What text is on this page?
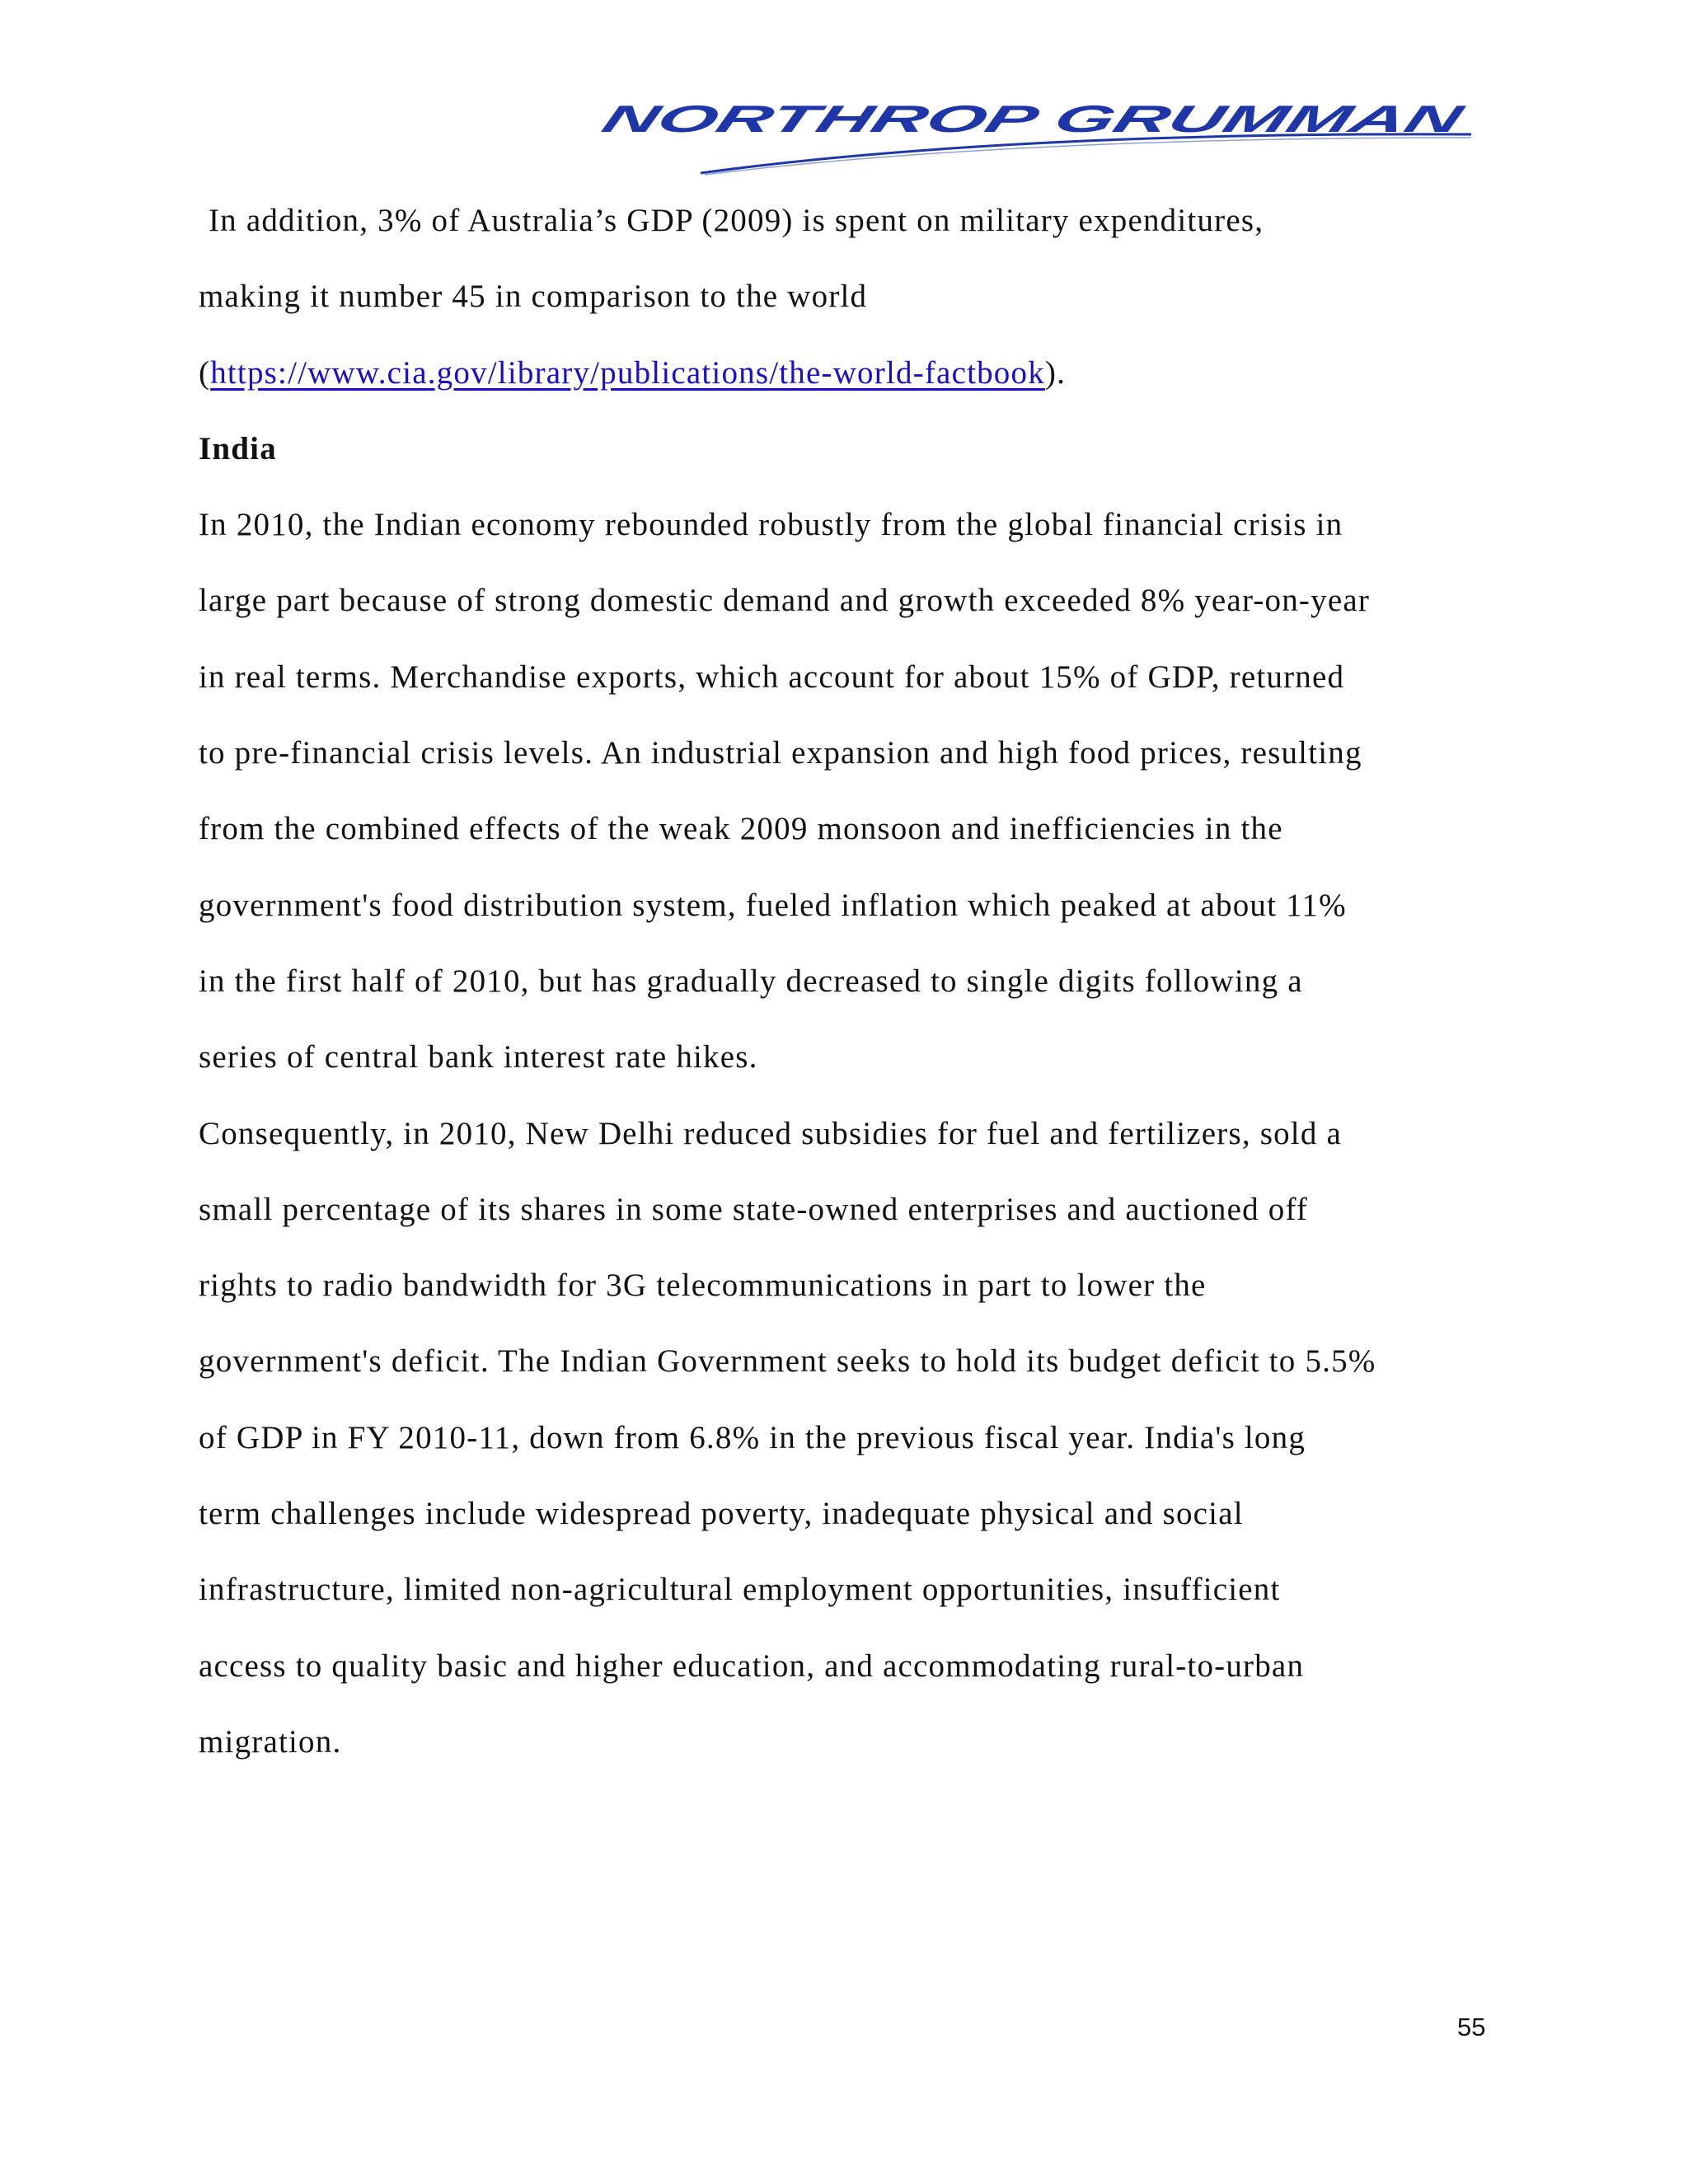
NORTHROP GRUMMAN
In addition, 3% of Australia’s GDP (2009) is spent on military expenditures,
making it number 45 in comparison to the world
(https://www.cia.gov/library/publications/the-world-factbook).
India
In 2010, the Indian economy rebounded robustly from the global financial crisis in
large part because of strong domestic demand and growth exceeded 8% year-on-year
in real terms. Merchandise exports, which account for about 15% of GDP, returned
to pre-financial crisis levels. An industrial expansion and high food prices, resulting
from the combined effects of the weak 2009 monsoon and inefficiencies in the
government's food distribution system, fueled inflation which peaked at about 11%
in the first half of 2010, but has gradually decreased to single digits following a
series of central bank interest rate hikes.
Consequently, in 2010, New Delhi reduced subsidies for fuel and fertilizers, sold a
small percentage of its shares in some state-owned enterprises and auctioned off
rights to radio bandwidth for 3G telecommunications in part to lower the
government's deficit. The Indian Government seeks to hold its budget deficit to 5.5%
of GDP in FY 2010-11, down from 6.8% in the previous fiscal year. India's long
term challenges include widespread poverty, inadequate physical and social
infrastructure, limited non-agricultural employment opportunities, insufficient
access to quality basic and higher education, and accommodating rural-to-urban
migration.
55
